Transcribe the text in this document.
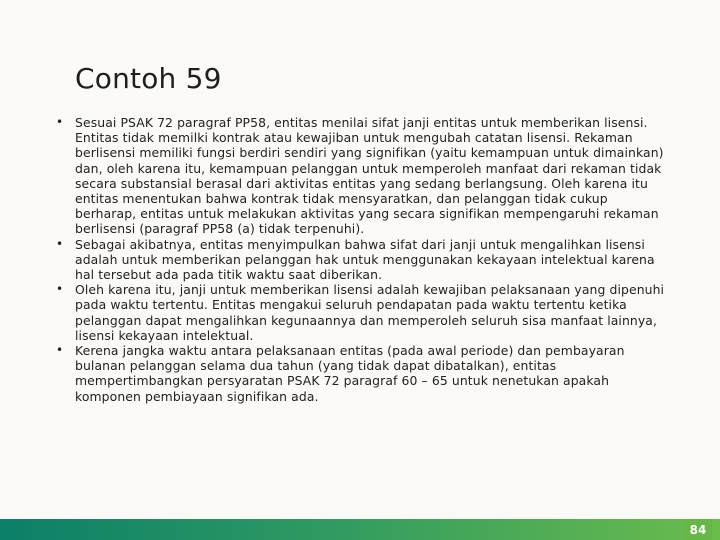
Contoh 59
• Sesuai PSAK 72 paragraf PP58, entitas menilai sifat janji entitas untuk memberikan lisensi. Entitas tidak memilki kontrak atau kewajiban untuk mengubah catatan lisensi. Rekaman berlisensi memiliki fungsi berdiri sendiri yang signifikan (yaitu kemampuan untuk dimainkan) dan, oleh karena itu, kemampuan pelanggan untuk memperoleh manfaat dari rekaman tidak secara substansial berasal dari aktivitas entitas yang sedang berlangsung. Oleh karena itu entitas menentukan bahwa kontrak tidak mensyaratkan, dan pelanggan tidak cukup berharap, entitas untuk melakukan aktivitas yang secara signifikan mempengaruhi rekaman berlisensi (paragraf PP58 (a) tidak terpenuhi).
• Sebagai akibatnya, entitas menyimpulkan bahwa sifat dari janji untuk mengalihkan lisensi adalah untuk memberikan pelanggan hak untuk menggunakan kekayaan intelektual karena hal tersebut ada pada titik waktu saat diberikan.
• Oleh karena itu, janji untuk memberikan lisensi adalah kewajiban pelaksanaan yang dipenuhi pada waktu tertentu. Entitas mengakui seluruh pendapatan pada waktu tertentu ketika pelanggan dapat mengalihkan kegunaannya dan memperoleh seluruh sisa manfaat lainnya, lisensi kekayaan intelektual.
• Kerena jangka waktu antara pelaksanaan entitas (pada awal periode) dan pembayaran bulanan pelanggan selama dua tahun (yang tidak dapat dibatalkan), entitas mempertimbangkan persyaratan PSAK 72 paragraf 60 – 65 untuk nenetukan apakah komponen pembiayaan signifikan ada.
84
